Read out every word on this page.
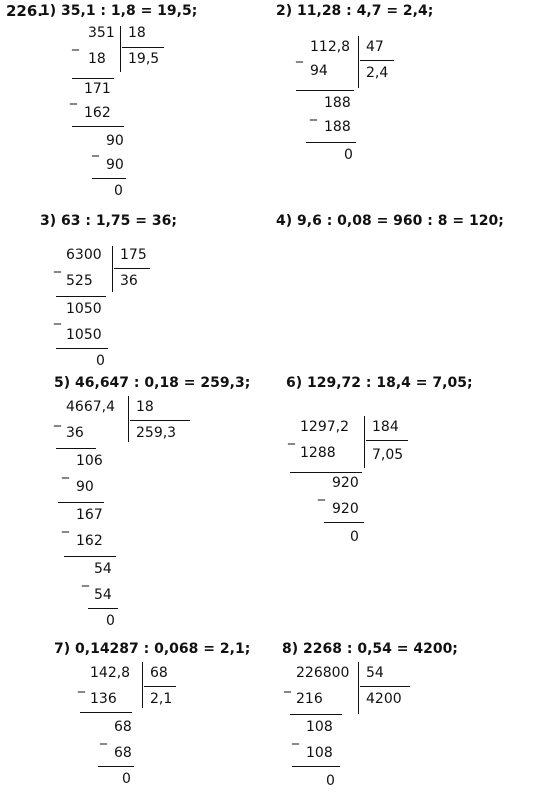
226.
1) 35,1 : 1,8 = 19,5;
_
351
18
18
19,5
_ 171
162
_ 90
90
0
2) 11,28 : 4,7 = 2,4;
_ 112,8
94
47
2,4
_
188
188
0
3) 63 : 1,75 = 36;
_
6300
525
175
36
_ 1050
1050
0
4) 9,6 : 0,08 = 960 : 8 = 120;
5) 46,647 : 0,18 = 259,3;
_
4667,4
36
18
259,3
_
106
90
_
167
162
_
54
54
0
6) 129,72 : 18,4 = 7,05;
_
1297,2
1288
184
7,05
_
920
920
0
7) 0,14287 : 0,068 = 2,1;
_
142,8
136
68
2,1
_
68
68
0
8) 2268 : 0,54 = 4200;
_
226800
216
54
4200
_
108
108
0
